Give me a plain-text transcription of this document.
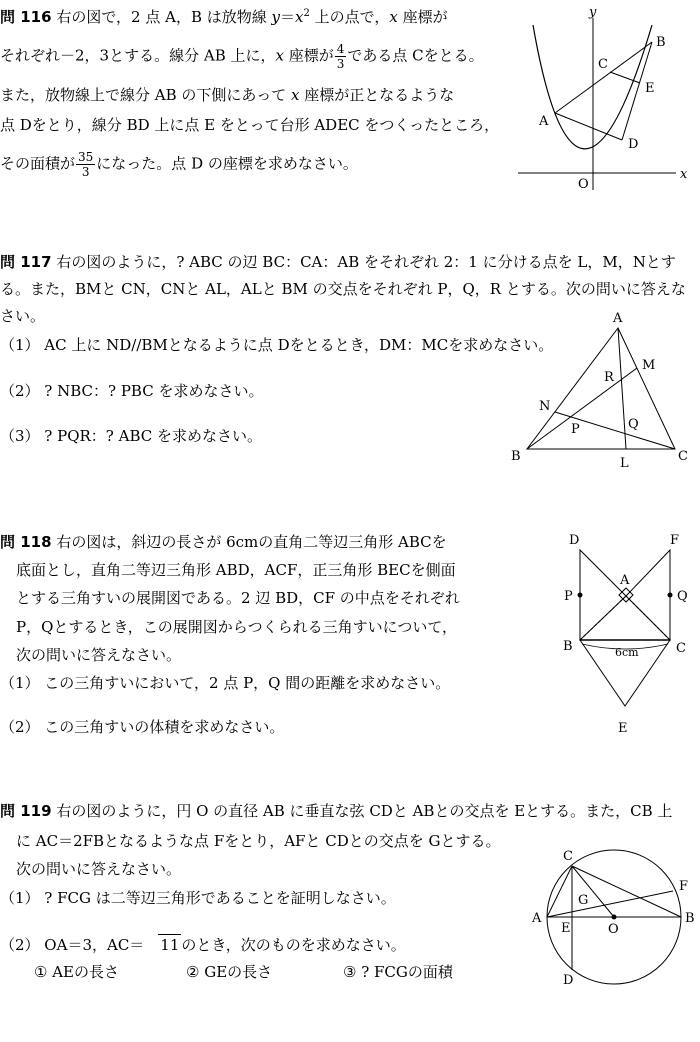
問 116 右の図で，2 点 A，B は放物線 $y=x^2$ 上の点で，x 座標が
それぞれ－2，3とする。線分 AB 上に，x 座標が $\frac{4}{3}$ である点 Cをとる。
また，放物線上で線分 AB の下側にあって x 座標が正となるような
点 Dをとり，線分 BD 上に点 E をとって台形 ADEC をつくったところ，
その面積が $\frac{35}{3}$ になった。点 D の座標を求めなさい。
y
x
O
A
B
C
D
E
問 117 右の図のように，? ABC の辺 BC：CA：AB をそれぞれ 2：1 に分ける点を L，M，Nとす
る。また，BMと CN，CNと AL，ALと BM の交点をそれぞれ P，Q，R とする。次の問いに答えな
さい。
（1） AC 上に ND//BMとなるように点 Dをとるとき，DM：MCを求めなさい。
（2） ? NBC：? PBC を求めなさい。
（3） ? PQR：? ABC を求めなさい。
A
B	C
L
M
N
P	Q
R
問 118 右の図は，斜辺の長さが 6cmの直角二等辺三角形 ABCを
底面とし，直角二等辺三角形 ABD，ACF，正三角形 BECを側面
とする三角すいの展開図である。2 辺 BD，CF の中点をそれぞれ
P，Qとするとき，この展開図からつくられる三角すいについて，
次の問いに答えなさい。
（1） この三角すいにおいて，2 点 P，Q 間の距離を求めなさい。
（2） この三角すいの体積を求めなさい。
D	F
A
P	Q
B	C
E
6cm
問 119 右の図のように，円 O の直径 AB に垂直な弦 CDと ABとの交点を Eとする。また，CB 上
に AC＝2FBとなるような点 Fをとり，AFと CDとの交点を Gとする。
次の問いに答えなさい。
（1） ? FCG は二等辺三角形であることを証明しなさい。
（2） OA＝3，AC＝ 11 のとき，次のものを求めなさい。
① AEの長さ	② GEの長さ	③ ? FCGの面積
C
F
G
A
E	O
B
D
